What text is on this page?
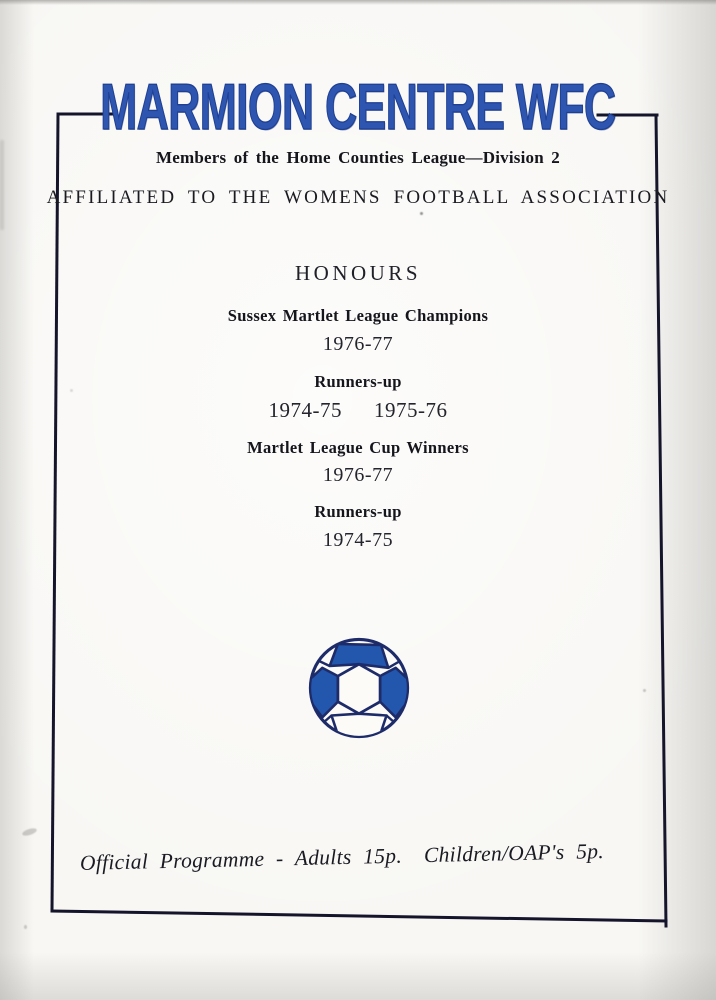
MARMION CENTRE WFC
Members of the Home Counties League—Division 2
AFFILIATED TO THE WOMENS FOOTBALL ASSOCIATION
HONOURS
Sussex Martlet League Champions
1976-77
Runners-up
1974-75 1975-76
Martlet League Cup Winners
1976-77
Runners-up
1974-75
Official Programme - Adults 15p. Children/OAP's 5p.
